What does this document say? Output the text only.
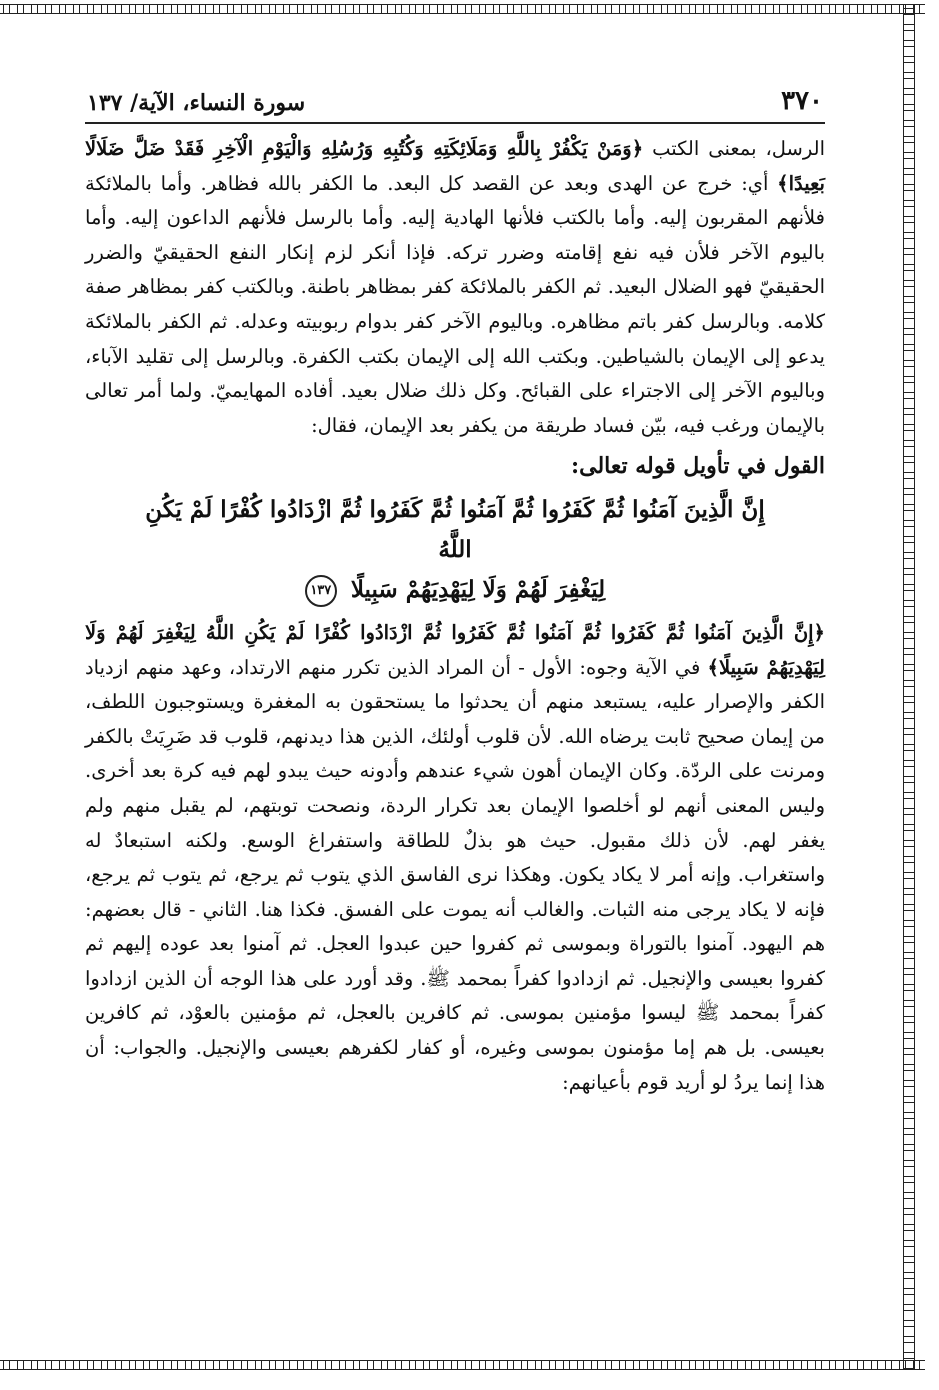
٣٧٠
سورة النساء، الآية/ ١٣٧

الرسل، بمعنى الكتب ﴿وَمَنْ يَكْفُرْ بِاللَّهِ وَمَلَائِكَتِهِ وَكُتُبِهِ وَرُسُلِهِ وَالْيَوْمِ الْآخِرِ فَقَدْ ضَلَّ ضَلَالًا بَعِيدًا﴾ أي: خرج عن الهدى وبعد عن القصد كل البعد. ما الكفر بالله فظاهر. وأما بالملائكة فلأنهم المقربون إليه. وأما بالكتب فلأنها الهادية إليه. وأما بالرسل فلأنهم الداعون إليه. وأما باليوم الآخر فلأن فيه نفع إقامته وضرر تركه. فإذا أنكر لزم إنكار النفع الحقيقيّ والضرر الحقيقيّ فهو الضلال البعيد. ثم الكفر بالملائكة كفر بمظاهر باطنة. وبالكتب كفر بمظاهر صفة كلامه. وبالرسل كفر باتم مظاهره. وباليوم الآخر كفر بدوام ربوبيته وعدله. ثم الكفر بالملائكة يدعو إلى الإيمان بالشياطين. وبكتب الله إلى الإيمان بكتب الكفرة. وبالرسل إلى تقليد الآباء، وباليوم الآخر إلى الاجتراء على القبائح. وكل ذلك ضلال بعيد. أفاده المهايميّ. ولما أمر تعالى بالإيمان ورغب فيه، بيّن فساد طريقة من يكفر بعد الإيمان، فقال:

القول في تأويل قوله تعالى:
إِنَّ الَّذِينَ آمَنُوا ثُمَّ كَفَرُوا ثُمَّ آمَنُوا ثُمَّ كَفَرُوا ثُمَّ ازْدَادُوا كُفْرًا لَمْ يَكُنِ اللَّهُ
لِيَغْفِرَ لَهُمْ وَلَا لِيَهْدِيَهُمْ سَبِيلًا ١٣٧

﴿إِنَّ الَّذِينَ آمَنُوا ثُمَّ كَفَرُوا ثُمَّ آمَنُوا ثُمَّ كَفَرُوا ثُمَّ ازْدَادُوا كُفْرًا لَمْ يَكُنِ اللَّهُ لِيَغْفِرَ لَهُمْ وَلَا لِيَهْدِيَهُمْ سَبِيلًا﴾ في الآية وجوه: الأول - أن المراد الذين تكرر منهم الارتداد، وعهد منهم ازدياد الكفر والإصرار عليه، يستبعد منهم أن يحدثوا ما يستحقون به المغفرة ويستوجبون اللطف، من إيمان صحيح ثابت يرضاه الله. لأن قلوب أولئك، الذين هذا ديدنهم، قلوب قد ضَرِيَتْ بالكفر ومرنت على الردّة. وكان الإيمان أهون شيء عندهم وأدونه حيث يبدو لهم فيه كرة بعد أخرى. وليس المعنى أنهم لو أخلصوا الإيمان بعد تكرار الردة، ونصحت توبتهم، لم يقبل منهم ولم يغفر لهم. لأن ذلك مقبول. حيث هو بذلٌ للطاقة واستفراغ الوسع. ولكنه استبعادٌ له واستغراب. وإنه أمر لا يكاد يكون. وهكذا نرى الفاسق الذي يتوب ثم يرجع، ثم يتوب ثم يرجع، فإنه لا يكاد يرجى منه الثبات. والغالب أنه يموت على الفسق. فكذا هنا. الثاني - قال بعضهم: هم اليهود. آمنوا بالتوراة وبموسى ثم كفروا حين عبدوا العجل. ثم آمنوا بعد عوده إليهم ثم كفروا بعيسى والإنجيل. ثم ازدادوا كفراً بمحمد ﷺ. وقد أورد على هذا الوجه أن الذين ازدادوا كفراً بمحمد ﷺ ليسوا مؤمنين بموسى. ثم كافرين بالعجل، ثم مؤمنين بالعوْد، ثم كافرين بعيسى. بل هم إما مؤمنون بموسى وغيره، أو كفار لكفرهم بعيسى والإنجيل. والجواب: أن هذا إنما يردُ لو أريد قوم بأعيانهم:
